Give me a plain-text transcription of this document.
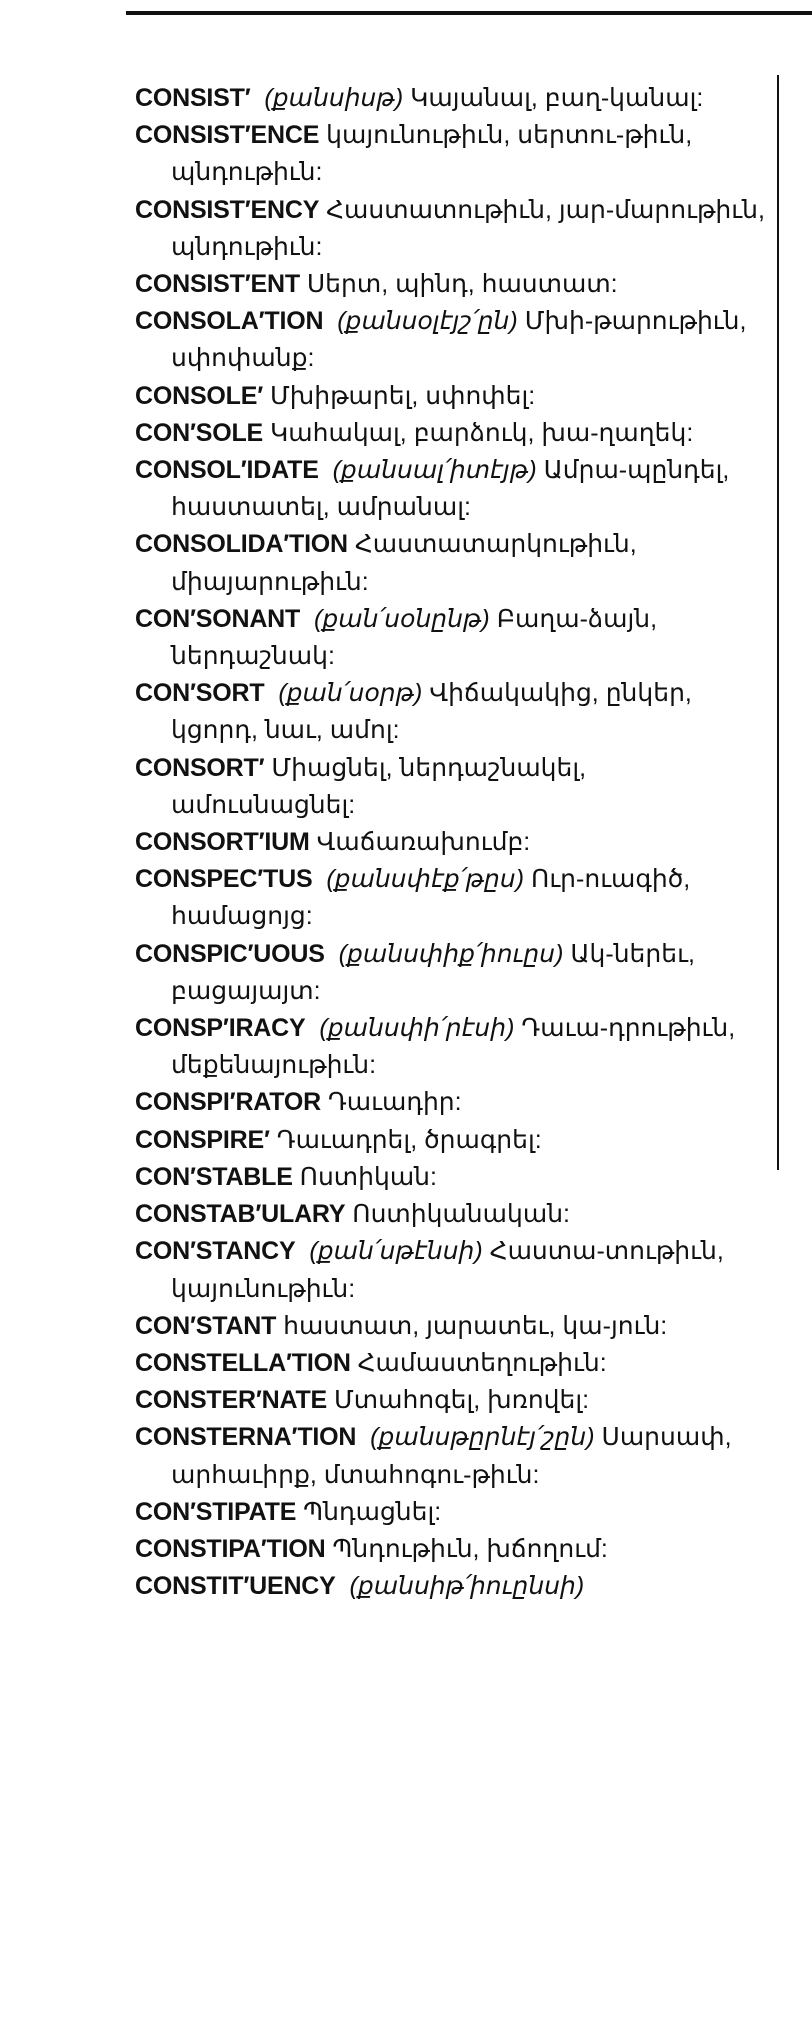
CONSIST′ (քանսիսթ) Կայանալ, բաղ-կանալ:
CONSIST′ENCE կայունութիւն, սերտու-թիւն, պնդութիւն:
CONSIST′ENCY Հաստատութիւն, յար-մարութիւն, պնդութիւն:
CONSIST′ENT Սերտ, պինդ, հաստատ:
CONSOLA′TION (քանսօլէյշ՛ըն) Մխի-թարութիւն, սփոփանք:
CONSOLE′ Մխիթարել, սփոփել:
CON′SOLE Կահակալ, բարձուկ, խա-ղաղեկ:
CONSOL′IDATE (քանսալ՛իտէյթ) Ամրա-պընդել, հաստատել, ամրանալ:
CONSOLIDA′TION Հաստատարկութիւն, միայարութիւն:
CON′SONANT (քան՛սօնընթ) Բաղա-ձայն, ներդաշնակ:
CON′SORT (քան՛սօրթ) Վիճակակից, ընկեր, կցորդ, նաւ, ամոլ:
CONSORT′ Միացնել, ներդաշնակել, ամուսնացնել:
CONSORT′IUM Վաճառախումբ:
CONSPEC′TUS (քանսփէք՛թըս) Ուր-ուագիծ, համացոյց:
CONSPIC′UOUS (քանսփիք՛իուըս) Ակ-ներեւ, բացայայտ:
CONSP′IRACY (քանսփի՛րէսի) Դաւա-դրութիւն, մեքենայութիւն:
CONSPI′RATOR Դաւադիր:
CONSPIRE′ Դաւադրել, ծրագրել:
CON′STABLE Ոստիկան:
CONSTAB′ULARY Ոստիկանական:
CON′STANCY (քան՛սթէնսի) Հաստա-տութիւն, կայունութիւն:
CON′STANT հաստատ, յարատեւ, կա-յուն:
CONSTELLA′TION Համաստեղութիւն:
CONSTER′NATE Մտահոգել, խռովել:
CONSTERNA′TION (քանսթըրնէյ՛շըն) Սարսափ, արհաւիրք, մտահոգու-թիւն:
CON′STIPATE Պնդացնել:
CONSTIPA′TION Պնդութիւն, խճողում:
CONSTIT′UENCY (քանսիթ՛իուընսի)
